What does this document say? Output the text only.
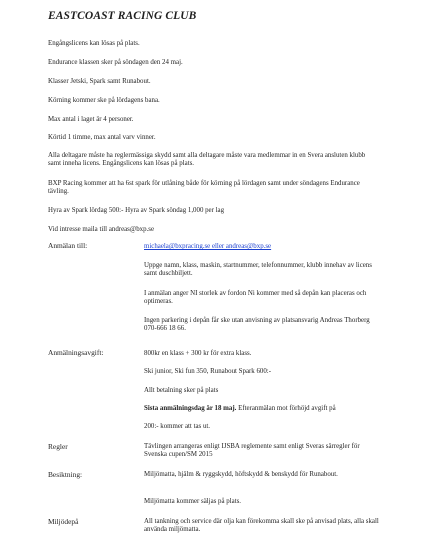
EASTCOAST RACING CLUB

Engångslicens kan lösas på plats.

Endurance klassen sker på söndagen den 24 maj.

Klasser Jetski, Spark samt Runabout.

Körning kommer ske på lördagens bana.

Max antal i laget är 4 personer.

Körtid 1 timme, max antal varv vinner.

Alla deltagare måste ha reglermässiga skydd samt alla deltagare måste vara medlemmar in en Svera ansluten klubb samt inneha licens. Engångslicens kan lösas på plats.

BXP Racing kommer att ha 6st spark för utlåning både för körning på lördagen samt under söndagens Endurance tävling.

Hyra av Spark lördag 500:- Hyra av Spark söndag 1,000 per lag

Vid intresse maila till andreas@bxp.se

Anmälan till:	michaela@bxpracing.se eller andreas@bxp.se

Uppge namn, klass, maskin, startnummer, telefonnummer, klubb innehav av licens samt duschbiljett.

I anmälan anger NI storlek av fordon Ni kommer med så depån kan placeras och optimeras.

Ingen parkering i depån får ske utan anvisning av platsansvarig Andreas Thorberg 070-666 18 66.

Anmälningsavgift:	800kr en klass + 300 kr för extra klass.

Ski junior, Ski fun 350, Runabout Spark 600:-

Allt betalning sker på plats

Sista anmälningsdag är 18 maj. Efteranmälan mot förhöjd avgift på

200:- kommer att tas ut.

Regler	Tävlingen arrangeras enligt IJSBA reglemente samt enligt Sveras särregler för Svenska cupen/SM 2015

Besiktning:	Miljömatta, hjälm & ryggskydd, höftskydd & benskydd för Runabout.

Miljömatta kommer säljas på plats.

Miljödepå	All tankning och service där olja kan förekomma skall ske på anvisad plats, alla skall använda miljömatta.
